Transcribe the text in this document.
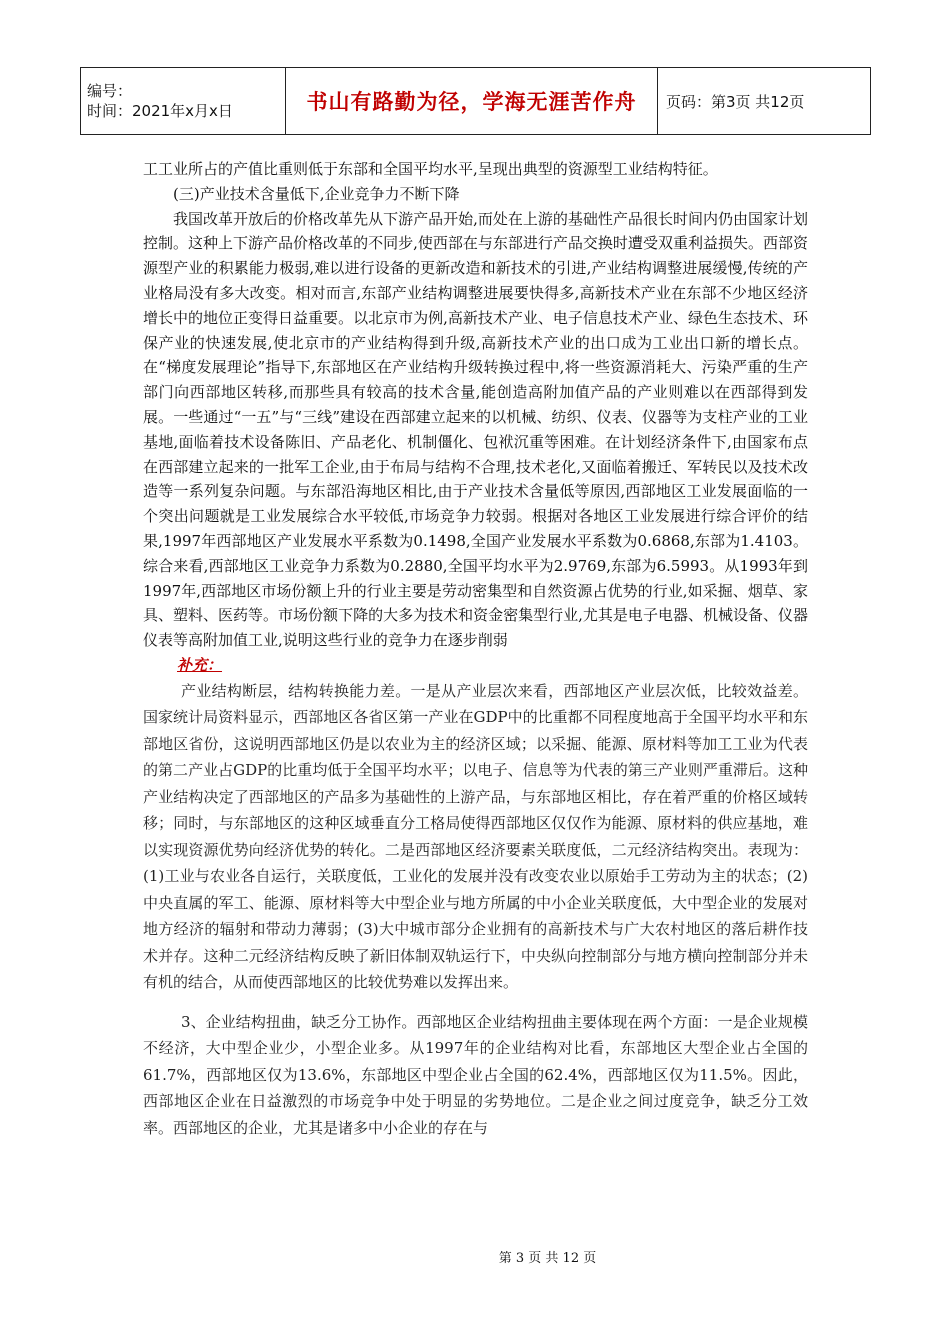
编号：
时间：2021年x月x日	书山有路勤为径，学海无涯苦作舟	页码：第3页 共12页

工工业所占的产值比重则低于东部和全国平均水平,呈现出典型的资源型工业结构特征。

(三)产业技术含量低下,企业竞争力不断下降

我国改革开放后的价格改革先从下游产品开始,而处在上游的基础性产品很长时间内仍由国家计划控制。这种上下游产品价格改革的不同步,使西部在与东部进行产品交换时遭受双重利益损失。西部资源型产业的积累能力极弱,难以进行设备的更新改造和新技术的引进,产业结构调整进展缓慢,传统的产业格局没有多大改变。相对而言,东部产业结构调整进展要快得多,高新技术产业在东部不少地区经济增长中的地位正变得日益重要。以北京市为例,高新技术产业、电子信息技术产业、绿色生态技术、环保产业的快速发展,使北京市的产业结构得到升级,高新技术产业的出口成为工业出口新的增长点。在“梯度发展理论”指导下,东部地区在产业结构升级转换过程中,将一些资源消耗大、污染严重的生产部门向西部地区转移,而那些具有较高的技术含量,能创造高附加值产品的产业则难以在西部得到发展。一些通过“一五”与“三线”建设在西部建立起来的以机械、纺织、仪表、仪器等为支柱产业的工业基地,面临着技术设备陈旧、产品老化、机制僵化、包袱沉重等困难。在计划经济条件下,由国家布点在西部建立起来的一批军工企业,由于布局与结构不合理,技术老化,又面临着搬迁、军转民以及技术改造等一系列复杂问题。与东部沿海地区相比,由于产业技术含量低等原因,西部地区工业发展面临的一个突出问题就是工业发展综合水平较低,市场竞争力较弱。根据对各地区工业发展进行综合评价的结果,1997年西部地区产业发展水平系数为0.1498,全国产业发展水平系数为0.6868,东部为1.4103。综合来看,西部地区工业竞争力系数为0.2880,全国平均水平为2.9769,东部为6.5993。从1993年到1997年,西部地区市场份额上升的行业主要是劳动密集型和自然资源占优势的行业,如采掘、烟草、家具、塑料、医药等。市场份额下降的大多为技术和资金密集型行业,尤其是电子电器、机械设备、仪器仪表等高附加值工业,说明这些行业的竞争力在逐步削弱

补充：

产业结构断层，结构转换能力差。一是从产业层次来看，西部地区产业层次低，比较效益差。国家统计局资料显示，西部地区各省区第一产业在GDP中的比重都不同程度地高于全国平均水平和东部地区省份，这说明西部地区仍是以农业为主的经济区域；以采掘、能源、原材料等加工工业为代表的第二产业占GDP的比重均低于全国平均水平；以电子、信息等为代表的第三产业则严重滞后。这种产业结构决定了西部地区的产品多为基础性的上游产品，与东部地区相比，存在着严重的价格区域转移；同时，与东部地区的这种区域垂直分工格局使得西部地区仅仅作为能源、原材料的供应基地，难以实现资源优势向经济优势的转化。二是西部地区经济要素关联度低，二元经济结构突出。表现为：(1)工业与农业各自运行，关联度低，工业化的发展并没有改变农业以原始手工劳动为主的状态；(2)中央直属的军工、能源、原材料等大中型企业与地方所属的中小企业关联度低，大中型企业的发展对地方经济的辐射和带动力薄弱；(3)大中城市部分企业拥有的高新技术与广大农村地区的落后耕作技术并存。这种二元经济结构反映了新旧体制双轨运行下，中央纵向控制部分与地方横向控制部分并未有机的结合，从而使西部地区的比较优势难以发挥出来。

3、企业结构扭曲，缺乏分工协作。西部地区企业结构扭曲主要体现在两个方面：一是企业规模不经济，大中型企业少，小型企业多。从1997年的企业结构对比看，东部地区大型企业占全国的61.7%，西部地区仅为13.6%，东部地区中型企业占全国的62.4%，西部地区仅为11.5%。因此，西部地区企业在日益激烈的市场竞争中处于明显的劣势地位。二是企业之间过度竞争，缺乏分工效率。西部地区的企业，尤其是诸多中小企业的存在与

第 3 页 共 12 页
